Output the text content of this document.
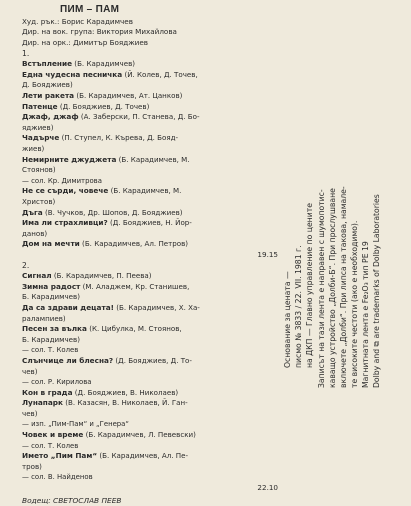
ПИМ – ПАМ
Худ. рък.: Борис Карадимчев
Дир. на вок. група: Виктория Михайлова
Дир. на орк.: Димитър Бояджиев
1.
Встъпление (Б. Карадимчев)
Една чудесна песничка (Й. Колев, Д. Точев,
Д. Бояджиев)
Лети ракета (Б. Карадимчев, Ат. Цанков)
Патенце (Д. Бояджиев, Д. Точев)
Джаф, джаф (А. Заберски, П. Станева, Д. Бо-
яджиев)
Чадърче (П. Ступел, К. Кърева, Д. Бояд-
жиев)
Немирните джуджета (Б. Карадимчев, М.
Стоянов)
— сол. Кр. Димитрова
Не се сърди, човече (Б. Карадимчев, М.
Христов)
Дъга (В. Чучков, Др. Шопов, Д. Бояджиев)
Има ли страхливци? (Д. Бояджиев, Н. Йор-
данов)
Дом на мечти (Б. Карадимчев, Ал. Петров)
19.15
2.
Сигнал (Б. Карадимчев, П. Пеева)
Зимна радост (М. Аладжем, Кр. Станишев,
Б. Карадимчев)
Да са здрави децата! (Б. Карадимчев, Х. Ха-
ралампиев)
Песен за вълка (К. Цибулка, М. Стоянов,
Б. Карадимчев)
— сол. Т. Колев
Слънчице ли блесна? (Д. Бояджиев, Д. То-
чев)
— сол. Р. Кирилова
Кон в града (Д. Бояджиев, В. Николаев)
Лунапарк (В. Казасян, В. Николаев, Й. Ган-
чев)
— изп. „Пим-Пам“ и „Генера“
Човек и време (Б. Карадимчев, Л. Певевски)
— сол. Т. Колев
Името „Пим Пам“ (Б. Карадимчев, Ал. Пе-
тров)
— сол. В. Найденов
22.10
Водещ: СВЕТОСЛАВ ПЕЕВ
Основание за цената — писмо № 3833 / 22. VII. 1981 г. на ДКП — Главно управление по цените Записът на тази лента е направен с шумопотис- каващо устройство „Долби-Б“. При прослушване включете „Долби“. При липса на такова, намале- те високите честоти (ако е необходимо). Магнитната лента е Fe₂O₃ тип PE 19 Dolby and ⧉ are trademarks of Dolby Laboratories
